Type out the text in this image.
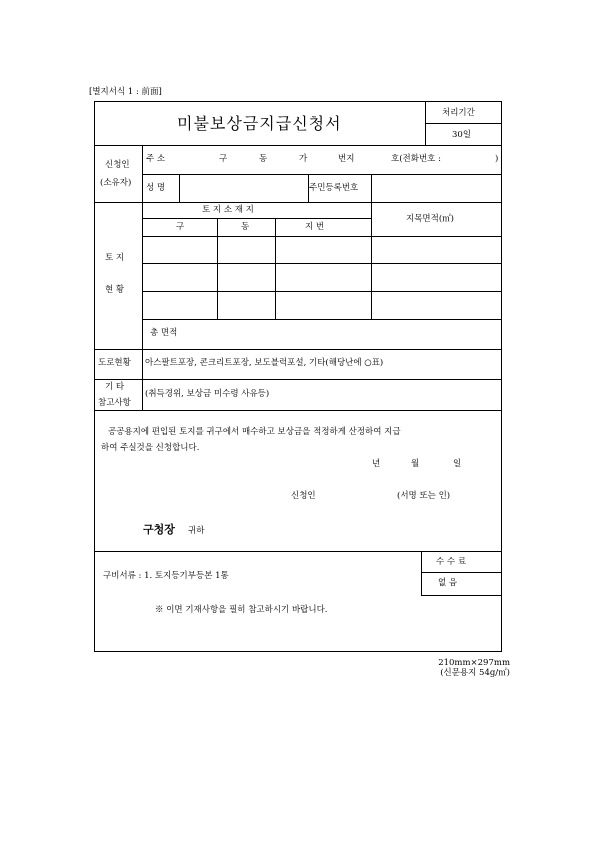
[별지서식 1 : 前面]
미불보상금지급신청서
처리기간
30일
신청인
(소유자)
주 소	구	동	가	번지	호(전화번호 :	)
성 명	주민등록번호
토 지
현 황
토 지 소 재 지
구	동	지 번
지목면적(㎡)
총 면적
도로현황 아스팔트포장, 콘크리트포장, 보도블럭포설, 기타(해당난에 ○표)
기 타
참고사항
(취득경위, 보상금 미수령 사유등)
공공용지에 편입된 토지를 귀구에서 매수하고 보상금을 적정하게 산정하여 지급
하여 주실것을 신청합니다.
년	월	일
신청인	(서명 또는 인)
구청장 귀하
구비서류 : 1. 토지등기부등본 1통
수 수 료
없 음
※ 이면 기재사항을 필히 참고하시기 바랍니다.
210mm×297mm
(신문용지 54g/㎡)
